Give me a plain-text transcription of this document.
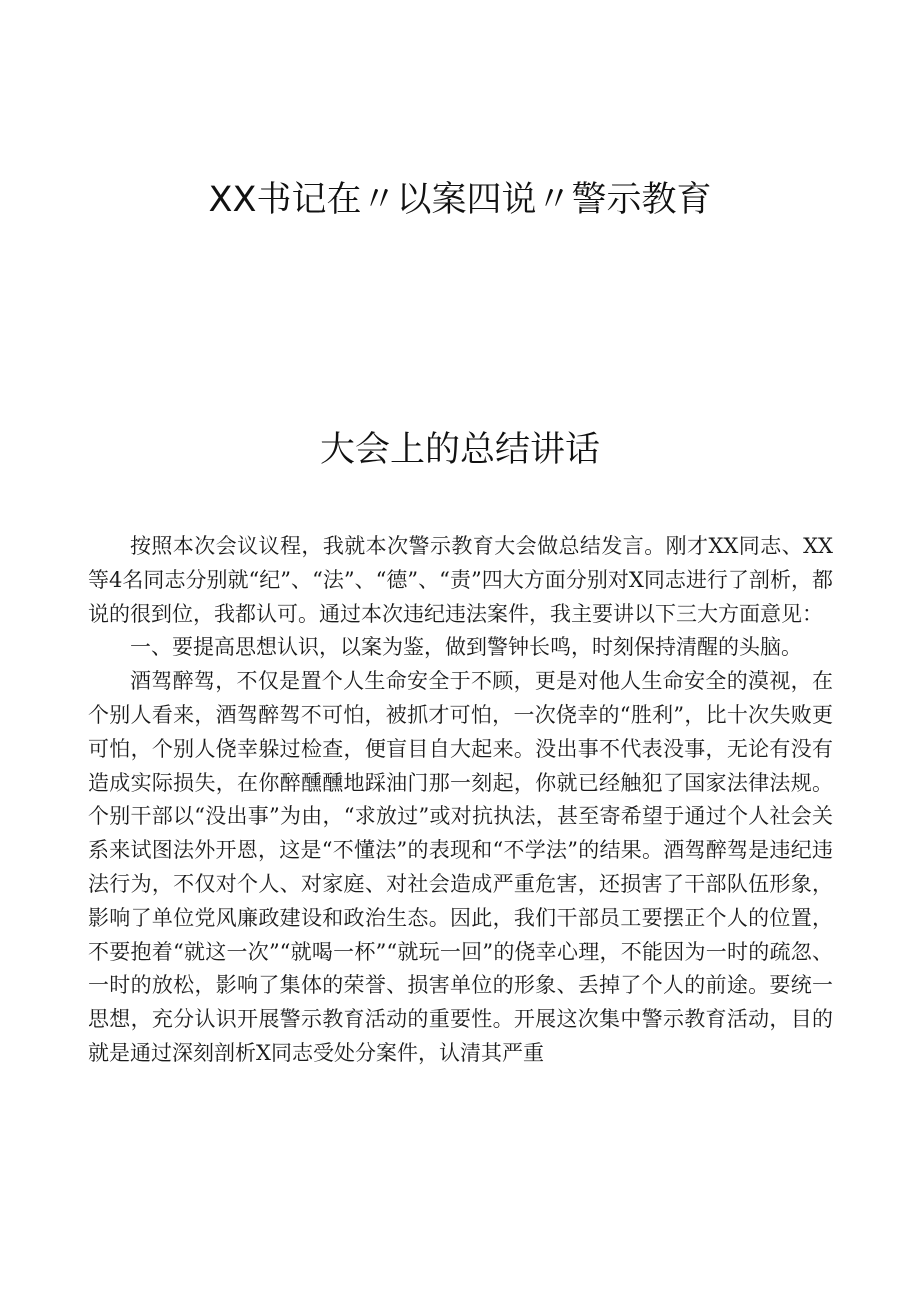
XX书记在〃以案四说〃警示教育
大会上的总结讲话

按照本次会议议程，我就本次警示教育大会做总结发言。刚才XX同志、XX等4名同志分别就“纪”、“法”、“德”、“责”四大方面分别对X同志进行了剖析，都说的很到位，我都认可。通过本次违纪违法案件，我主要讲以下三大方面意见：

一、要提高思想认识，以案为鉴，做到警钟长鸣，时刻保持清醒的头脑。

酒驾醉驾，不仅是置个人生命安全于不顾，更是对他人生命安全的漠视，在个别人看来，酒驾醉驾不可怕，被抓才可怕，一次侥幸的“胜利”，比十次失败更可怕，个别人侥幸躲过检查，便盲目自大起来。没出事不代表没事，无论有没有造成实际损失，在你醉醺醺地踩油门那一刻起，你就已经触犯了国家法律法规。个别干部以“没出事”为由，“求放过”或对抗执法，甚至寄希望于通过个人社会关系来试图法外开恩，这是“不懂法”的表现和“不学法”的结果。酒驾醉驾是违纪违法行为，不仅对个人、对家庭、对社会造成严重危害，还损害了干部队伍形象，影响了单位党风廉政建设和政治生态。因此，我们干部员工要摆正个人的位置，不要抱着“就这一次”“就喝一杯”“就玩一回”的侥幸心理，不能因为一时的疏忽、一时的放松，影响了集体的荣誉、损害单位的形象、丢掉了个人的前途。要统一思想，充分认识开展警示教育活动的重要性。开展这次集中警示教育活动，目的就是通过深刻剖析X同志受处分案件，认清其严重
